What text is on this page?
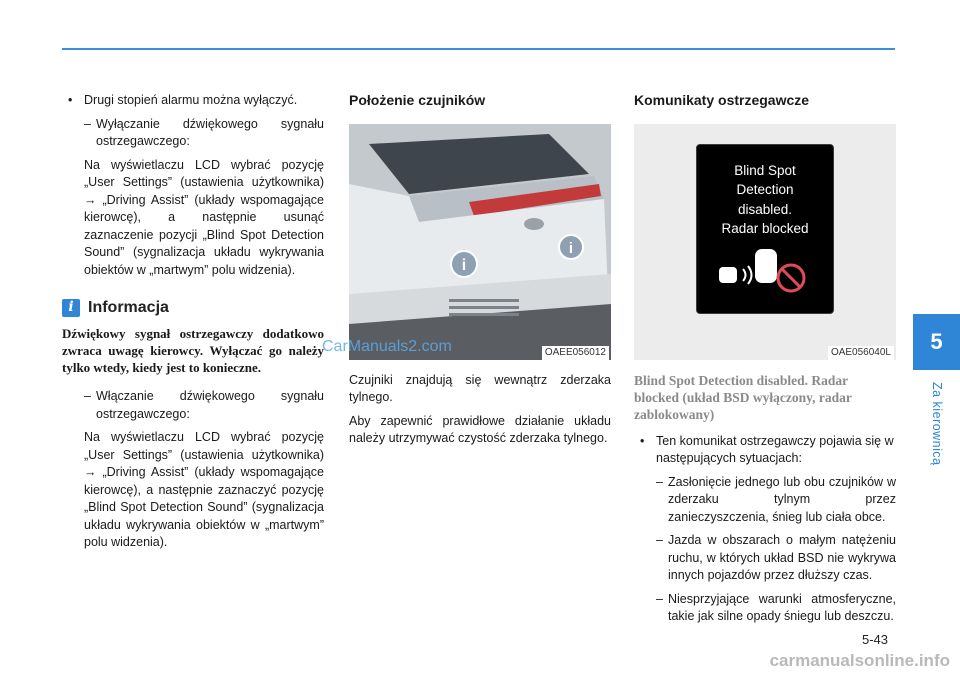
• Drugi stopień alarmu można wyłączyć.

– Wyłączanie dźwiękowego sygnału ostrzegawczego:

Na wyświetlaczu LCD wybrać pozycję „User Settings” (ustawienia użytkownika) → „Driving Assist” (układy wspomagające kierowcę), a następnie usunąć zaznaczenie pozycji „Blind Spot Detection Sound” (sygnalizacja układu wykrywania obiektów w „martwym” polu widzenia).

i Informacja

Dźwiękowy sygnał ostrzegawczy dodatkowo zwraca uwagę kierowcy. Wyłączać go należy tylko wtedy, kiedy jest to konieczne.

– Włączanie dźwiękowego sygnału ostrzegawczego:

Na wyświetlaczu LCD wybrać pozycję „User Settings” (ustawienia użytkownika) → „Driving Assist” (układy wspomagające kierowcę), a następnie zaznaczyć pozycję „Blind Spot Detection Sound” (sygnalizacja układu wykrywania obiektów w „martwym” polu widzenia).

Położenie czujników

i
i
OAEE056012

Czujniki znajdują się wewnątrz zderzaka tylnego.

Aby zapewnić prawidłowe działanie układu należy utrzymywać czystość zderzaka tylnego.

Komunikaty ostrzegawcze

Blind Spot
Detection
disabled.
Radar blocked
OAE056040L

Blind Spot Detection disabled. Radar blocked (układ BSD wyłączony, radar zablokowany)

• Ten komunikat ostrzegawczy pojawia się w następujących sytuacjach:

– Zasłonięcie jednego lub obu czujników w zderzaku tylnym przez zanieczyszczenia, śnieg lub ciała obce.

– Jazda w obszarach o małym natężeniu ruchu, w których układ BSD nie wykrywa innych pojazdów przez dłuższy czas.

– Niesprzyjające warunki atmosferyczne, takie jak silne opady śniegu lub deszczu.

5
Za kierownicą
5-43
CarManuals2.com
carmanualsonline.info
